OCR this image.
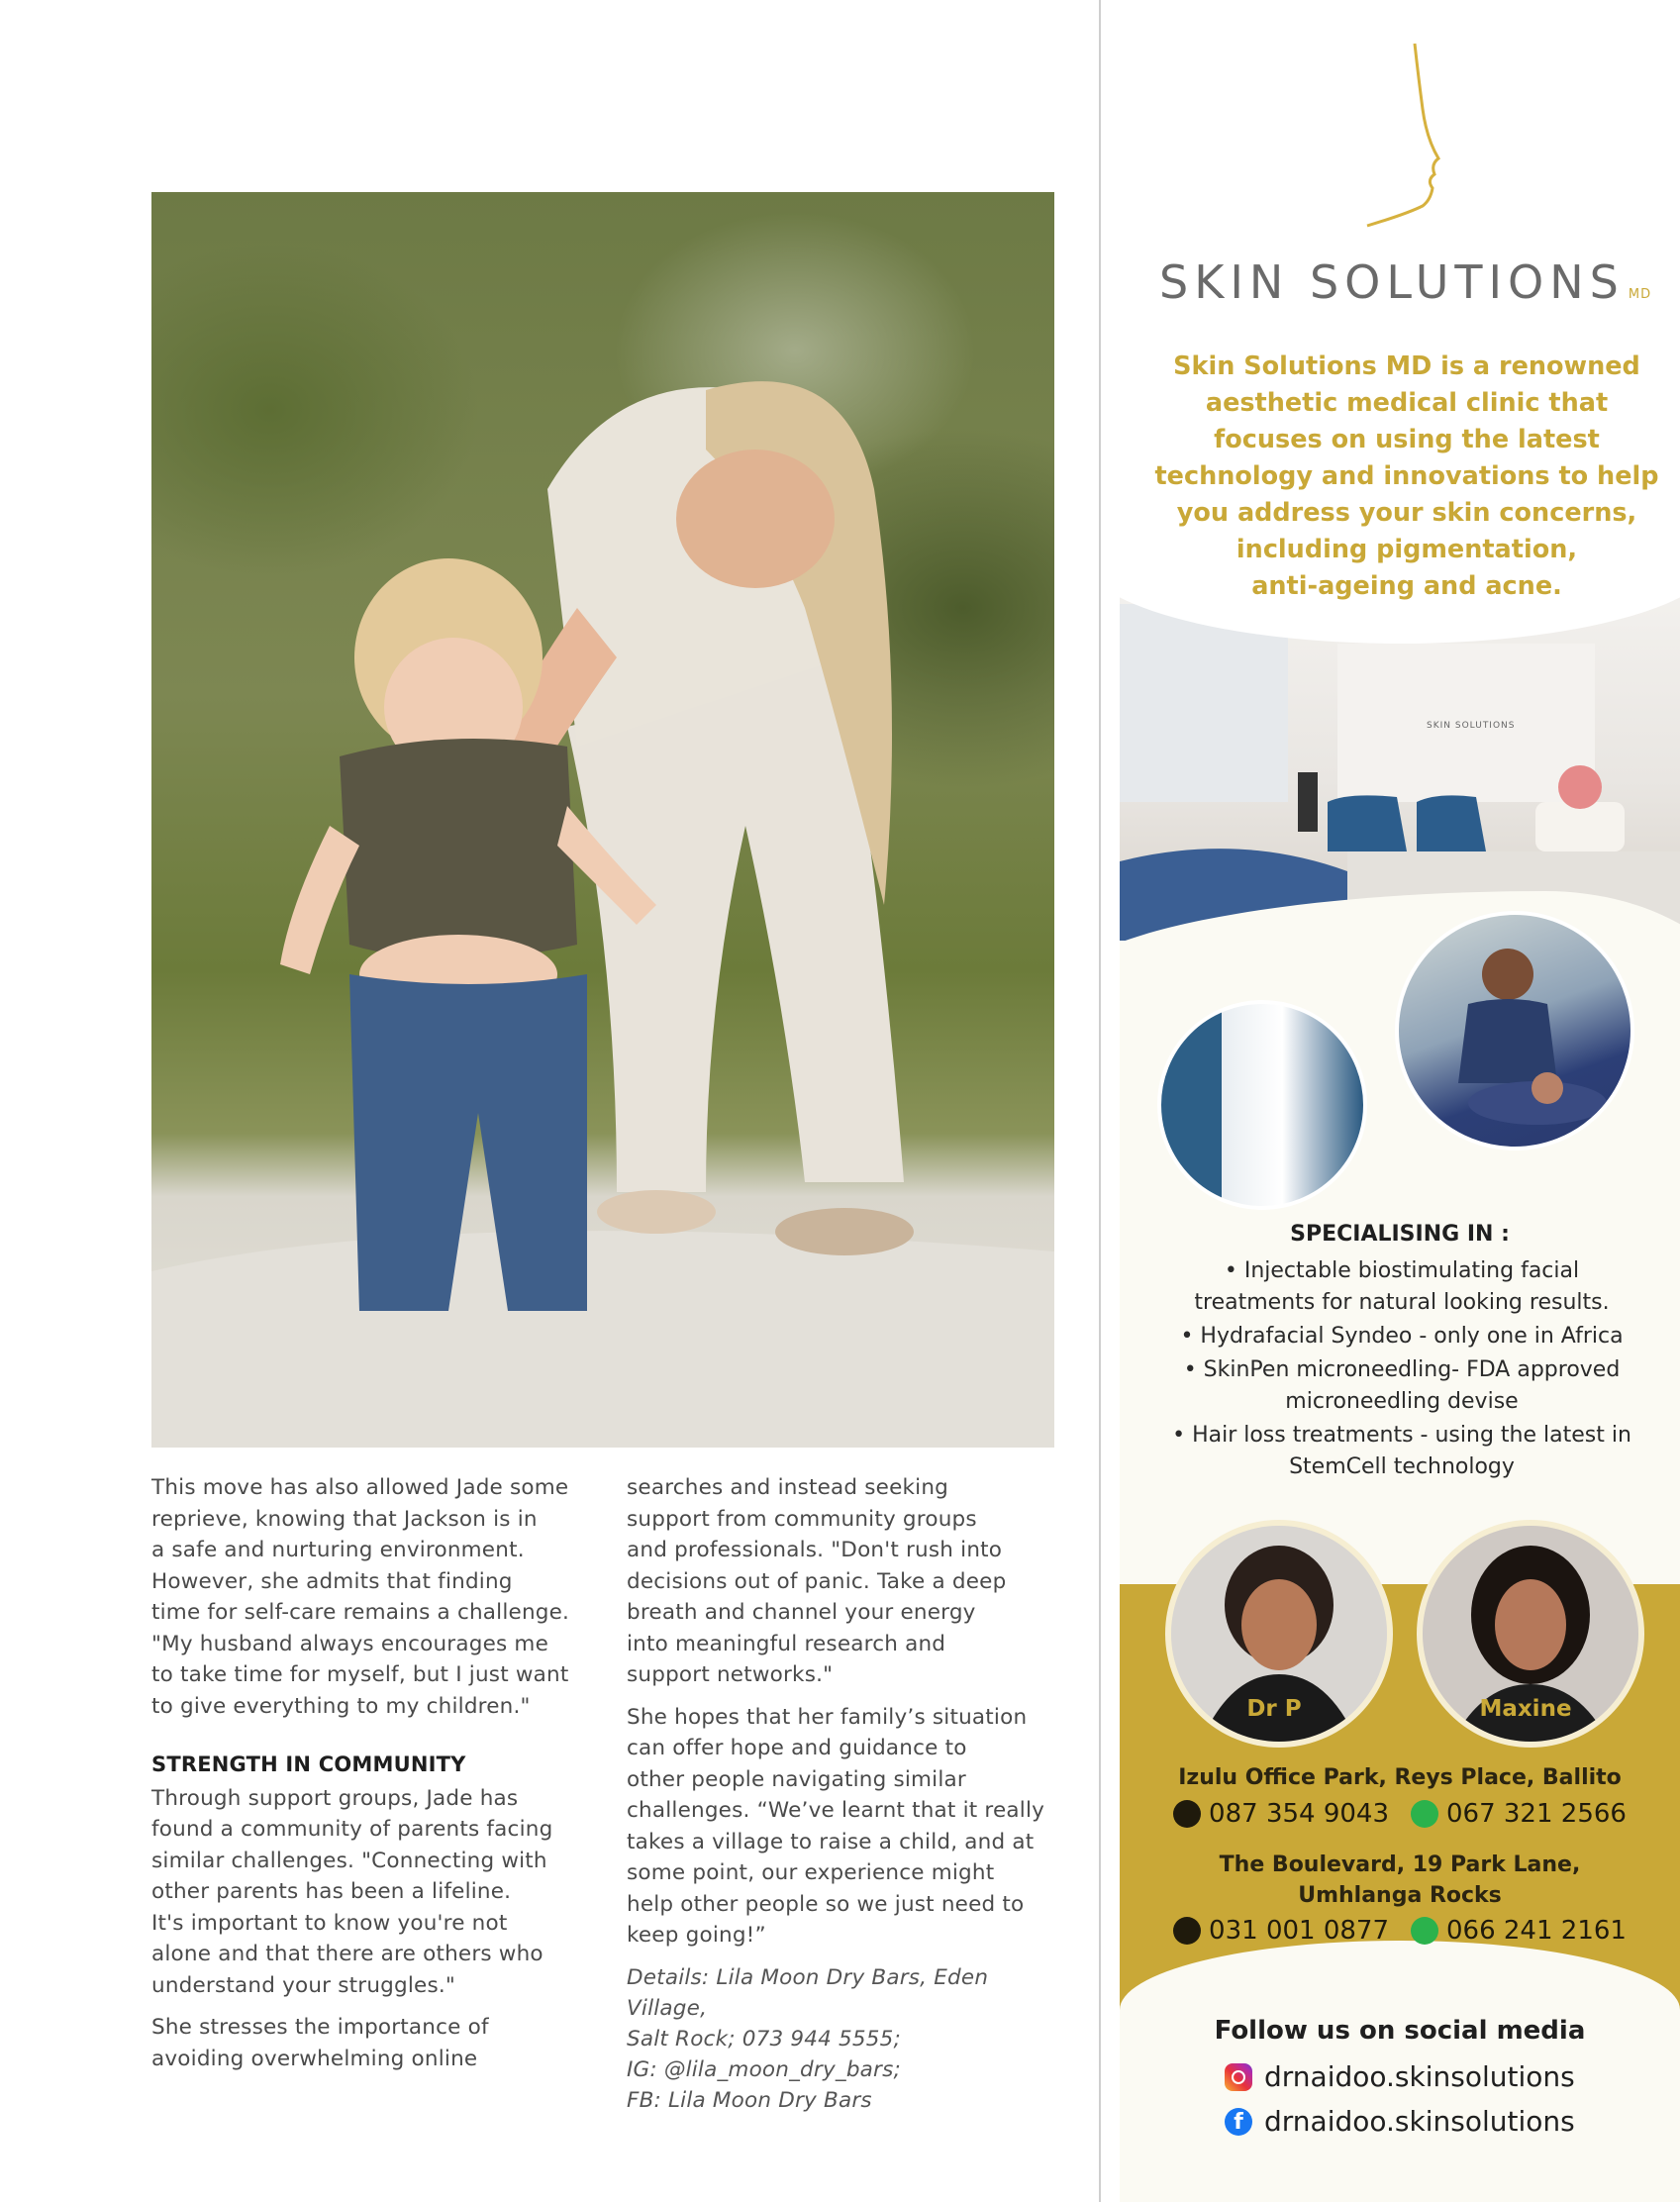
This move has also allowed Jade some
reprieve, knowing that Jackson is in
a safe and nurturing environment.
However, she admits that finding
time for self-care remains a challenge.
"My husband always encourages me
to take time for myself, but I just want
to give everything to my children."

STRENGTH IN COMMUNITY

Through support groups, Jade has
found a community of parents facing
similar challenges. "Connecting with
other parents has been a lifeline.
It's important to know you're not
alone and that there are others who
understand your struggles."

She stresses the importance of
avoiding overwhelming online

searches and instead seeking
support from community groups
and professionals. "Don't rush into
decisions out of panic. Take a deep
breath and channel your energy
into meaningful research and
support networks."

She hopes that her family’s situation
can offer hope and guidance to
other people navigating similar
challenges. “We’ve learnt that it really
takes a village to raise a child, and at
some point, our experience might
help other people so we just need to
keep going!”

Details: Lila Moon Dry Bars, Eden Village,
Salt Rock; 073 944 5555;
IG: @lila_moon_dry_bars;
FB: Lila Moon Dry Bars

SKIN SOLUTIONS
SKIN SOLUTIONS MD
Skin Solutions MD is a renowned
aesthetic medical clinic that
focuses on using the latest
technology and innovations to help
you address your skin concerns,
including pigmentation,
anti-ageing and acne.
SPECIALISING IN :
• Injectable biostimulating facial
treatments for natural looking results.
• Hydrafacial Syndeo - only one in Africa
• SkinPen microneedling- FDA approved
microneedling devise
• Hair loss treatments - using the latest in
StemCell technology
Dr P	Maxine
Izulu Office Park, Reys Place, Ballito
087 354 9043 067 321 2566
The Boulevard, 19 Park Lane,
Umhlanga Rocks
031 001 0877 066 241 2161
Follow us on social media
drnaidoo.skinsolutions
f drnaidoo.skinsolutions
